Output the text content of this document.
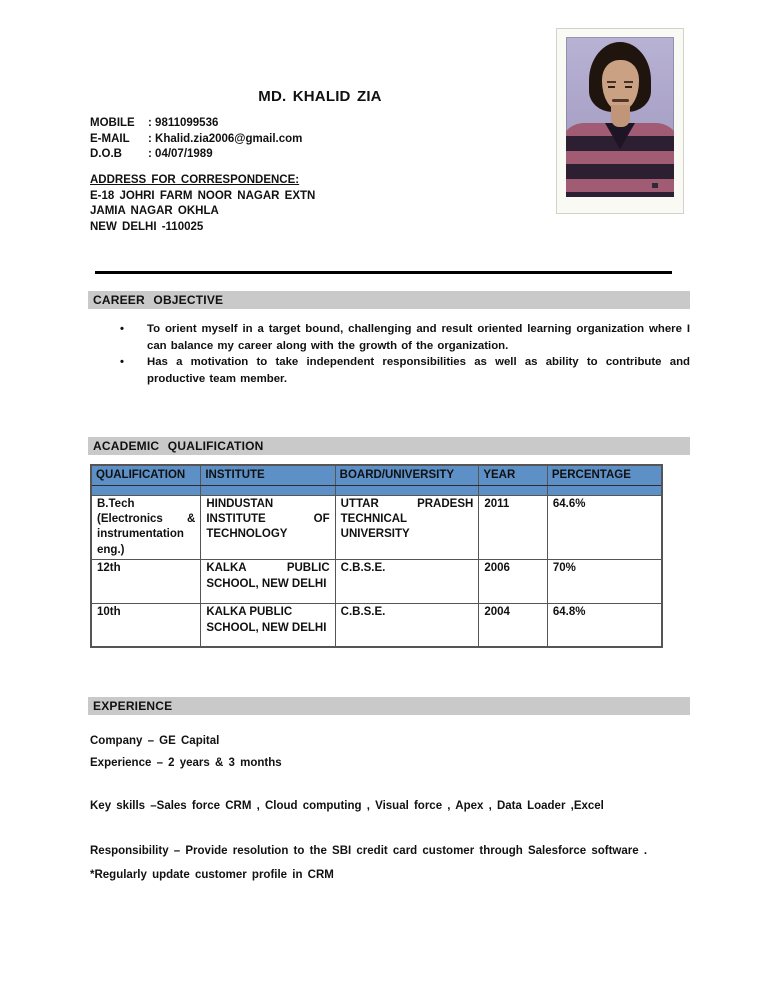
MD. KHALID ZIA
MOBILE : 9811099536
E-MAIL : Khalid.zia2006@gmail.com
D.O.B : 04/07/1989
ADDRESS FOR CORRESPONDENCE:
E-18 JOHRI FARM NOOR NAGAR EXTN
JAMIA NAGAR OKHLA
NEW DELHI -110025
CAREER OBJECTIVE
•	To orient myself in a target bound, challenging and result oriented learning organization where I can balance my career along with the growth of the organization.
•	Has a motivation to take independent responsibilities as well as ability to contribute and productive team member.
ACADEMIC QUALIFICATION
QUALIFICATION	INSTITUTE	BOARD/UNIVERSITY	YEAR	PERCENTAGE

B.Tech (Electronics & instrumentation eng.)	HINDUSTAN INSTITUTE OF TECHNOLOGY	UTTAR PRADESH TECHNICAL UNIVERSITY	2011	64.6%
12th	KALKA PUBLIC SCHOOL, NEW DELHI	C.B.S.E.	2006	70%
10th	KALKA PUBLIC SCHOOL, NEW DELHI	C.B.S.E.	2004	64.8%
EXPERIENCE
Company – GE Capital
Experience – 2 years & 3 months
Key skills –Sales force CRM , Cloud computing , Visual force , Apex , Data Loader ,Excel
Responsibility – Provide resolution to the SBI credit card customer through Salesforce software .
*Regularly update customer profile in CRM
